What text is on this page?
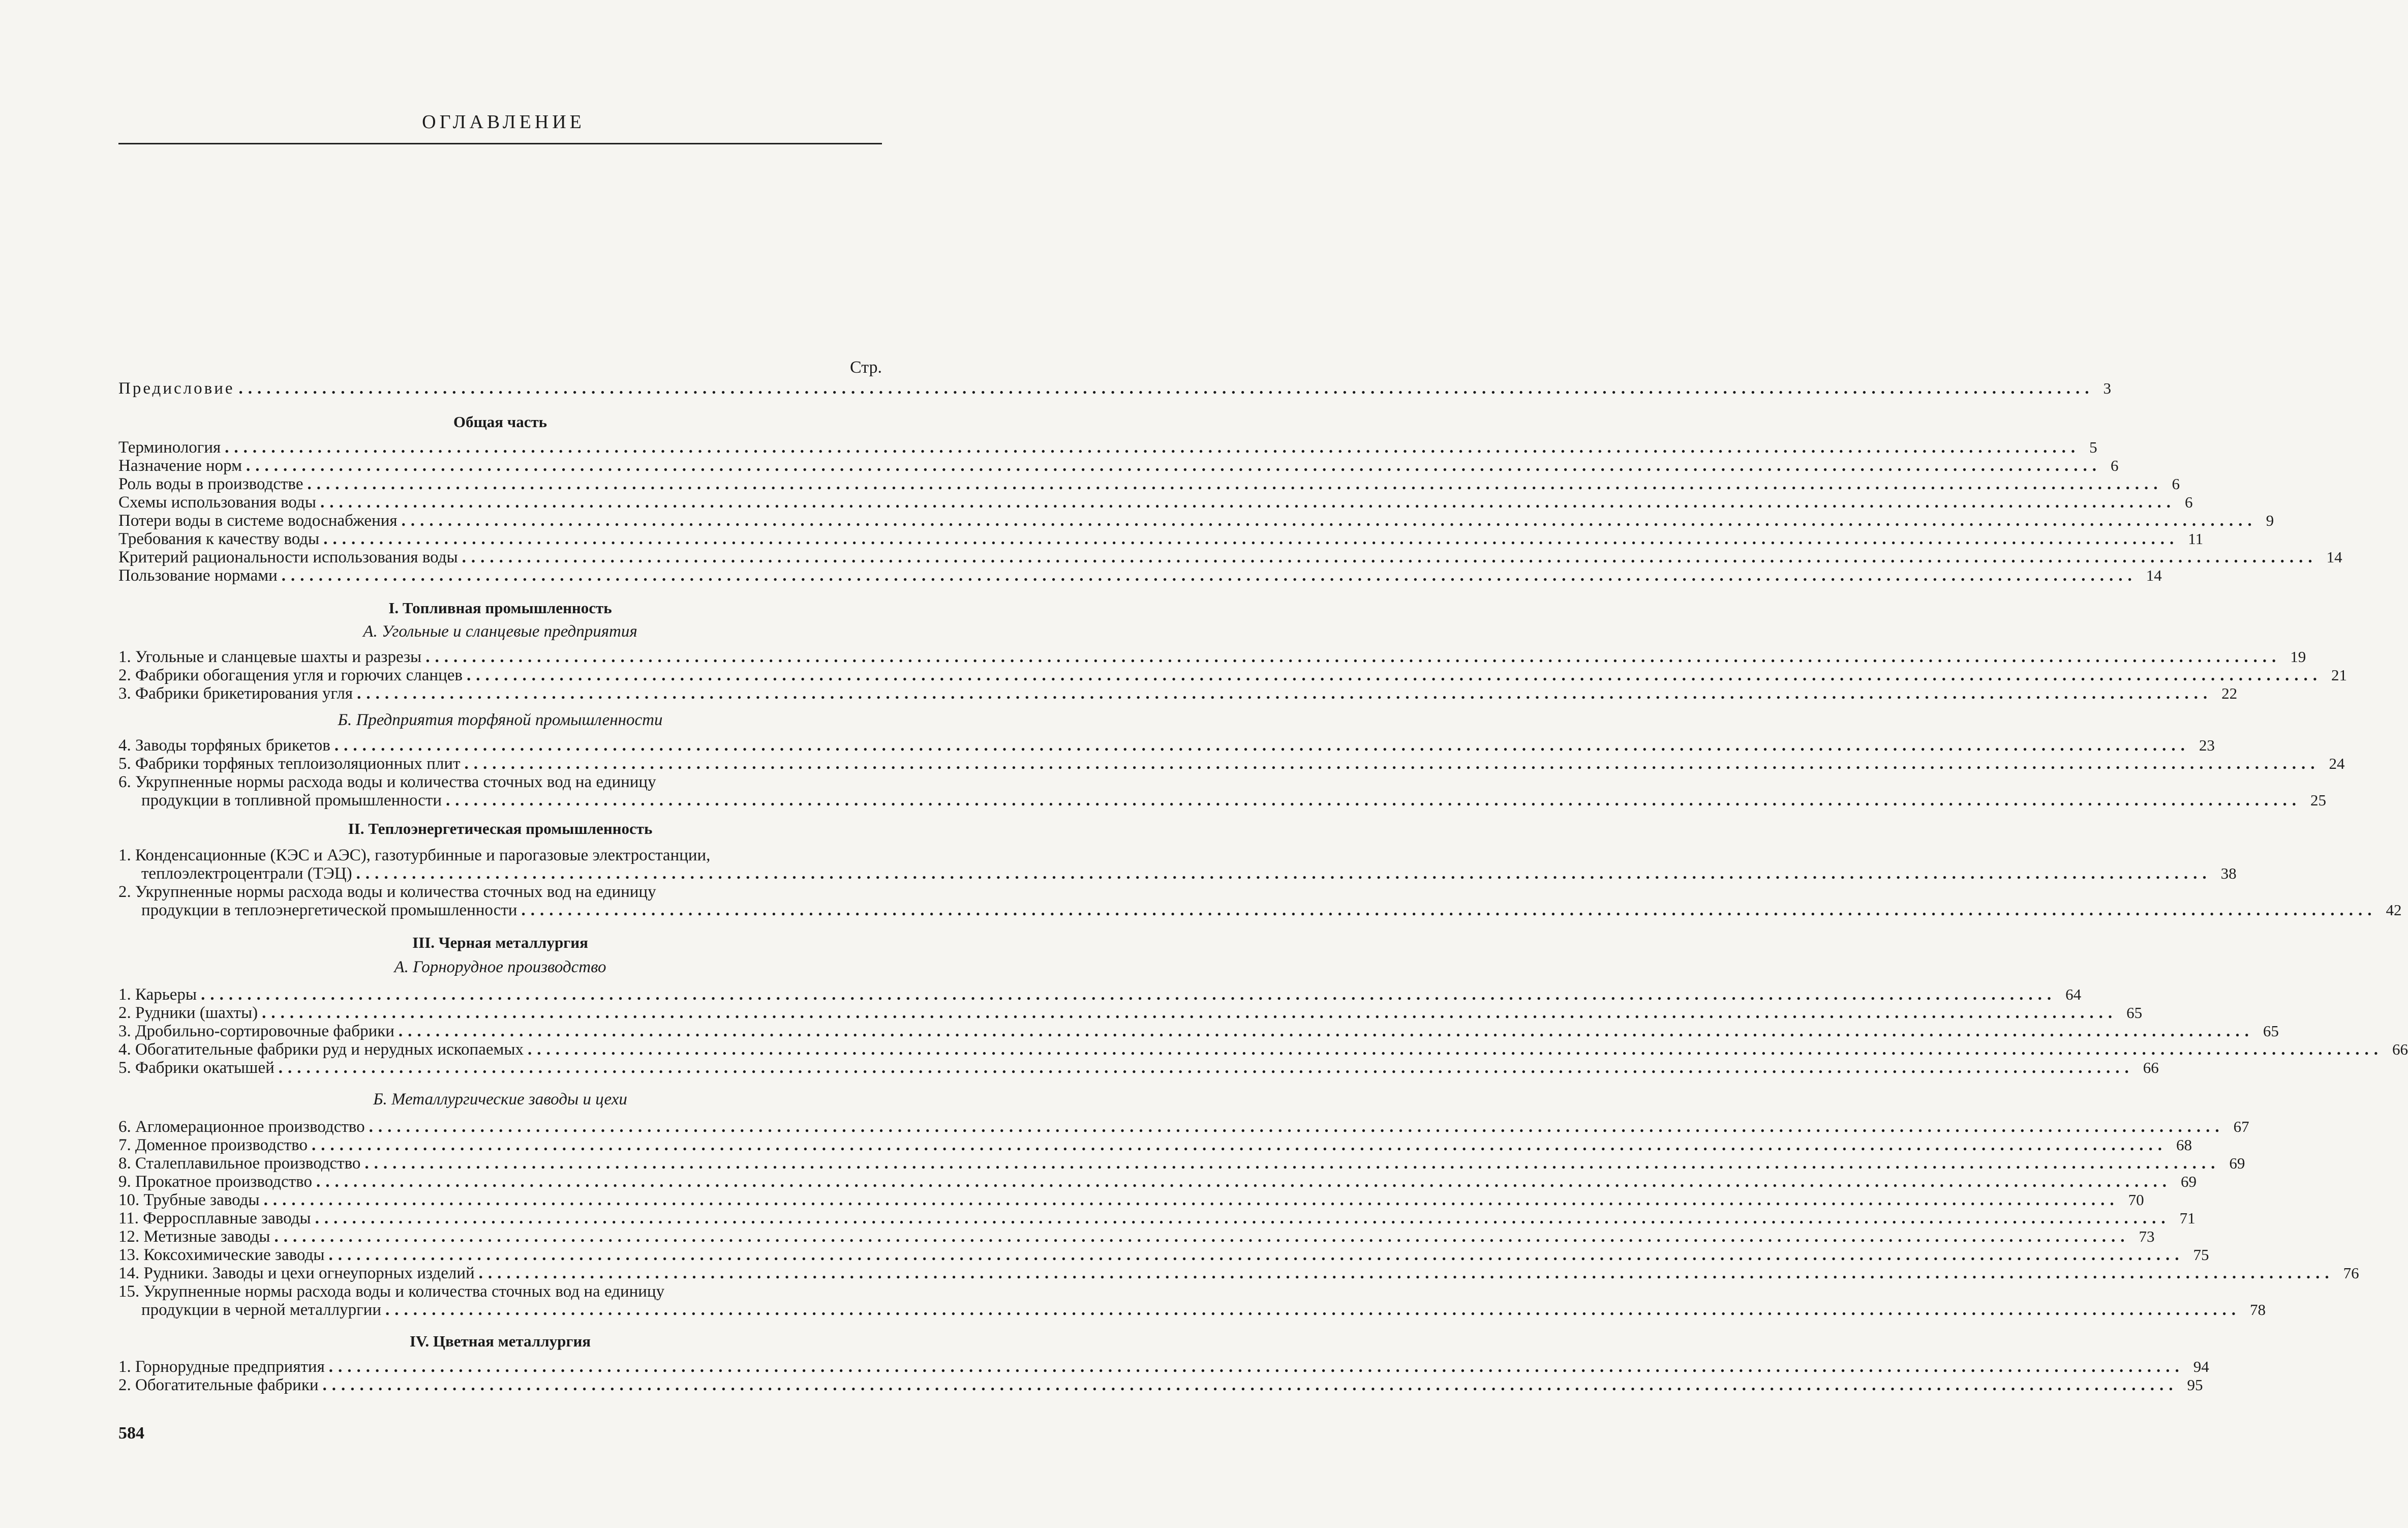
ОГЛАВЛЕНИЕ
Стр.
Предисловие ........................................................................................................................................................................................................ 3
Общая часть
Терминология ........................................................................................................................................................................................................ 5
Назначение норм ........................................................................................................................................................................................................ 6
Роль воды в производстве ........................................................................................................................................................................................................ 6
Схемы использования воды ........................................................................................................................................................................................................ 6
Потери воды в системе водоснабжения ........................................................................................................................................................................................................ 9
Требования к качеству воды ........................................................................................................................................................................................................ 11
Критерий рациональности использования воды ........................................................................................................................................................................................................ 14
Пользование нормами ........................................................................................................................................................................................................ 14
I. Топливная промышленность
А. Угольные и сланцевые предприятия
1. Угольные и сланцевые шахты и разрезы ........................................................................................................................................................................................................ 19
2. Фабрики обогащения угля и горючих сланцев ........................................................................................................................................................................................................ 21
3. Фабрики брикетирования угля ........................................................................................................................................................................................................ 22
Б. Предприятия торфяной промышленности
4. Заводы торфяных брикетов ........................................................................................................................................................................................................ 23
5. Фабрики торфяных теплоизоляционных плит ........................................................................................................................................................................................................ 24
6. Укрупненные нормы расхода воды и количества сточных вод на единицу
продукции в топливной промышленности ........................................................................................................................................................................................................ 25
II. Теплоэнергетическая промышленность
1. Конденсационные (КЭС и АЭС), газотурбинные и парогазовые электростанции,
теплоэлектроцентрали (ТЭЦ) ........................................................................................................................................................................................................ 38
2. Укрупненные нормы расхода воды и количества сточных вод на единицу
продукции в теплоэнергетической промышленности ........................................................................................................................................................................................................ 42
III. Черная металлургия
А. Горнорудное производство
1. Карьеры ........................................................................................................................................................................................................ 64
2. Рудники (шахты) ........................................................................................................................................................................................................ 65
3. Дробильно-сортировочные фабрики ........................................................................................................................................................................................................ 65
4. Обогатительные фабрики руд и нерудных ископаемых ........................................................................................................................................................................................................ 66
5. Фабрики окатышей ........................................................................................................................................................................................................ 66
Б. Металлургические заводы и цехи
6. Агломерационное производство ........................................................................................................................................................................................................ 67
7. Доменное производство ........................................................................................................................................................................................................ 68
8. Сталеплавильное производство ........................................................................................................................................................................................................ 69
9. Прокатное производство ........................................................................................................................................................................................................ 69
10. Трубные заводы ........................................................................................................................................................................................................ 70
11. Ферросплавные заводы ........................................................................................................................................................................................................ 71
12. Метизные заводы ........................................................................................................................................................................................................ 73
13. Коксохимические заводы ........................................................................................................................................................................................................ 75
14. Рудники. Заводы и цехи огнеупорных изделий ........................................................................................................................................................................................................ 76
15. Укрупненные нормы расхода воды и количества сточных вод на единицу
продукции в черной металлургии ........................................................................................................................................................................................................ 78
IV. Цветная металлургия
1. Горнорудные предприятия ........................................................................................................................................................................................................ 94
2. Обогатительные фабрики ........................................................................................................................................................................................................ 95
584
